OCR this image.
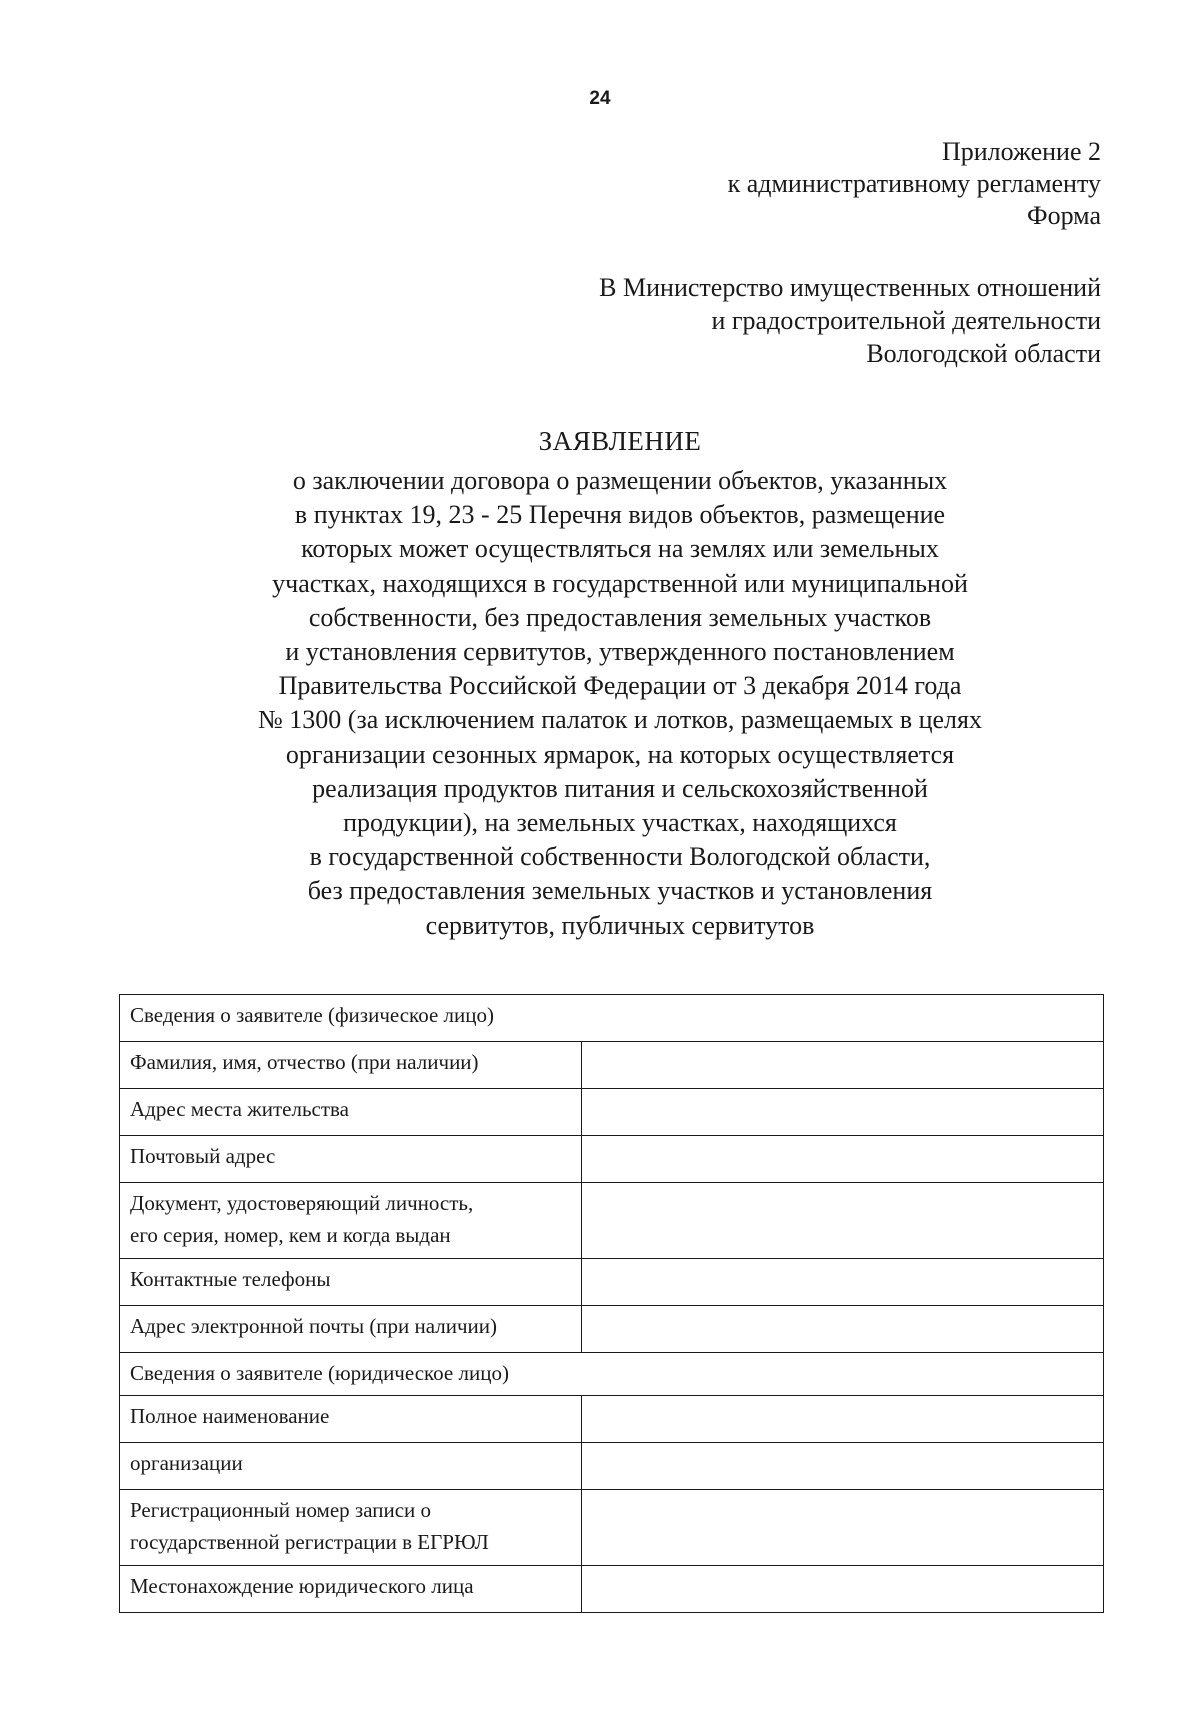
24
Приложение 2
к административному регламенту
Форма
В Министерство имущественных отношений
и градостроительной деятельности
Вологодской области
ЗАЯВЛЕНИЕ
о заключении договора о размещении объектов, указанных
в пунктах 19, 23 - 25 Перечня видов объектов, размещение
которых может осуществляться на землях или земельных
участках, находящихся в государственной или муниципальной
собственности, без предоставления земельных участков
и установления сервитутов, утвержденного постановлением
Правительства Российской Федерации от 3 декабря 2014 года
№ 1300 (за исключением палаток и лотков, размещаемых в целях
организации сезонных ярмарок, на которых осуществляется
реализация продуктов питания и сельскохозяйственной
продукции), на земельных участках, находящихся
в государственной собственности Вологодской области,
без предоставления земельных участков и установления
сервитутов, публичных сервитутов
Сведения о заявителе (физическое лицо)	
Фамилия, имя, отчество (при наличии)	
Адрес места жительства	
Почтовый адрес	

Документ, удостоверяющий личность,
его серия, номер, кем и когда выдан	

Контактные телефоны	
Адрес электронной почты (при наличии)	
Сведения о заявителе (юридическое лицо)	
Полное наименование	
организации	

Регистрационный номер записи о
государственной регистрации в ЕГРЮЛ	

Местонахождение юридического лица	
